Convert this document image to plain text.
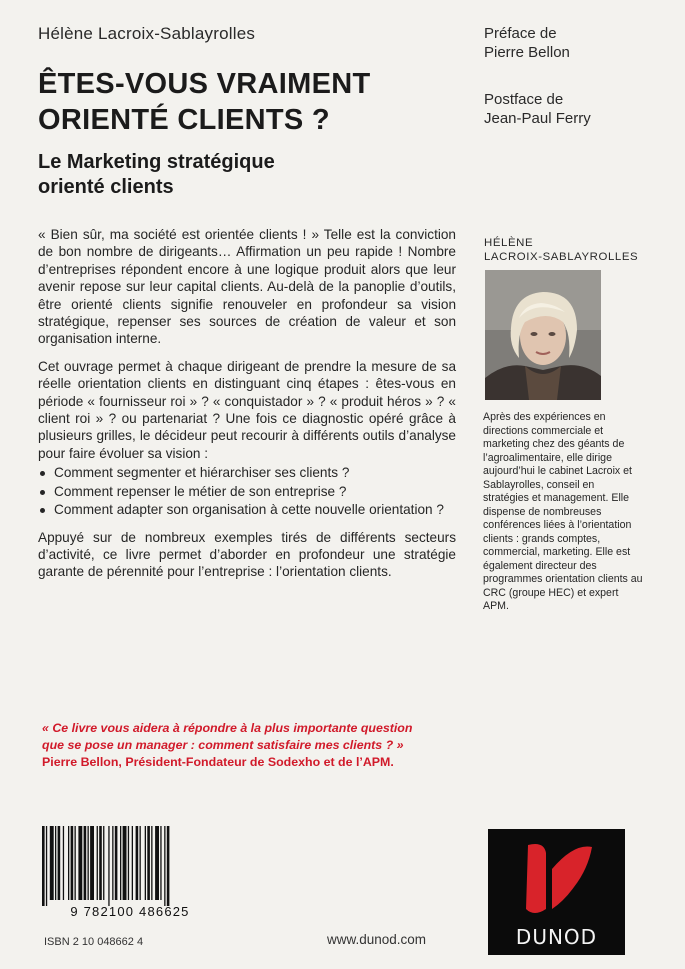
Hélène Lacroix-Sablayrolles
ÊTES-VOUS VRAIMENT
ORIENTÉ CLIENTS ?
Le Marketing stratégique
orienté clients

« Bien sûr, ma société est orientée clients ! » Telle est la conviction de bon nombre de dirigeants… Affirmation un peu rapide ! Nombre d’entreprises répondent encore à une logique produit alors que leur avenir repose sur leur capital clients. Au-delà de la panoplie d’outils, être orienté clients signifie renouveler en profondeur sa vision stratégique, repenser ses sources de création de valeur et son organisation interne.

Cet ouvrage permet à chaque dirigeant de prendre la mesure de sa réelle orientation clients en distinguant cinq étapes : êtes-vous en période « fournisseur roi » ? « conquistador » ? « produit héros » ? « client roi » ? ou partenariat ? Une fois ce diagnostic opéré grâce à plusieurs grilles, le décideur peut recourir à différents outils d’analyse pour faire évoluer sa vision :

Comment segmenter et hiérarchiser ses clients ?
Comment repenser le métier de son entreprise ?
Comment adapter son organisation à cette nouvelle orientation ?

Appuyé sur de nombreux exemples tirés de différents secteurs d’activité, ce livre permet d’aborder en profondeur une stratégie garante de pérennité pour l’entreprise : l’orientation clients.

« Ce livre vous aidera à répondre à la plus importante question
que se pose un manager : comment satisfaire mes clients ? »
Pierre Bellon, Président-Fondateur de Sodexho et de l’APM.
Préface de
Pierre Bellon
Postface de
Jean-Paul Ferry
HÉLÈNE
LACROIX-SABLAYROLLES
Après des expériences en directions commerciale et marketing chez des géants de l’agroalimentaire, elle dirige aujourd’hui le cabinet Lacroix et Sablayrolles, conseil en stratégies et management. Elle dispense de nombreuses conférences liées à l’orientation clients : grands comptes, commercial, marketing. Elle est également directeur des programmes orientation clients au CRC (groupe HEC) et expert APM.
9 782100 486625
ISBN 2 10 048662 4	www.dunod.com	DUNOD
